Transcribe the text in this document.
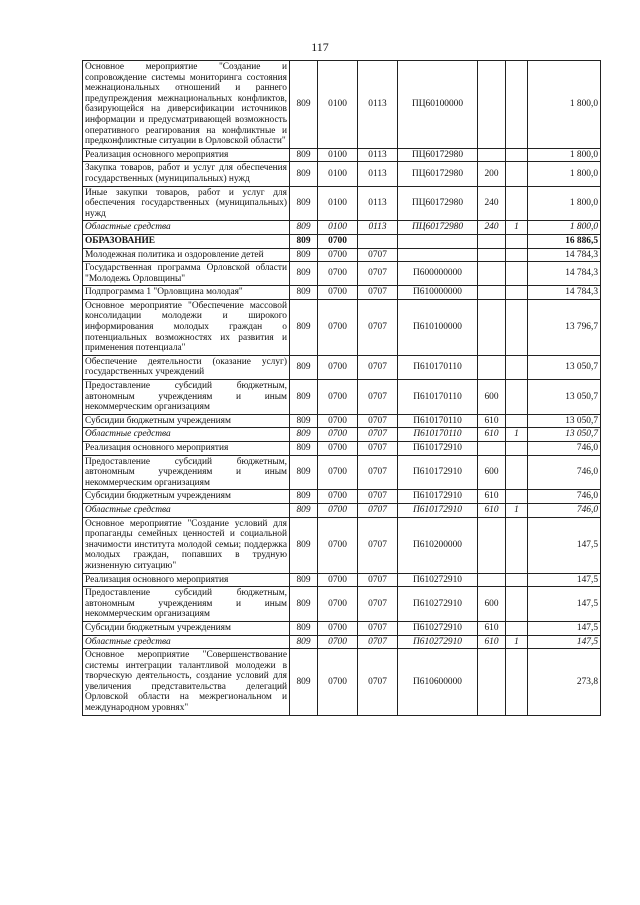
117
Основное мероприятие "Создание и сопровождение системы мониторинга состояния межнациональных отношений и раннего предупреждения межнациональных конфликтов, базирующейся на диверсификации источников информации и предусматривающей возможность оперативного реагирования на конфликтные и предконфликтные ситуации в Орловской области"	809	0100	0113	ПЦ60100000			1 800,0
Реализация основного мероприятия	809	0100	0113	ПЦ60172980			1 800,0
Закупка товаров, работ и услуг для обеспечения государственных (муниципальных) нужд	809	0100	0113	ПЦ60172980	200		1 800,0
Иные закупки товаров, работ и услуг для обеспечения государственных (муниципальных) нужд	809	0100	0113	ПЦ60172980	240		1 800,0
Областные средства	809	0100	0113	ПЦ60172980	240	1	1 800,0
ОБРАЗОВАНИЕ	809	0700					16 886,5
Молодежная политика и оздоровление детей	809	0700	0707				14 784,3
Государственная программа Орловской области "Молодежь Орловщины"	809	0700	0707	П600000000			14 784,3
Подпрограмма 1 "Орловщина молодая"	809	0700	0707	П610000000			14 784,3
Основное мероприятие "Обеспечение массовой консолидации молодежи и широкого информирования молодых граждан о потенциальных возможностях их развития и применения потенциала"	809	0700	0707	П610100000			13 796,7
Обеспечение деятельности (оказание услуг) государственных учреждений	809	0700	0707	П610170110			13 050,7
Предоставление субсидий бюджетным, автономным учреждениям и иным некоммерческим организациям	809	0700	0707	П610170110	600		13 050,7
Субсидии бюджетным учреждениям	809	0700	0707	П610170110	610		13 050,7
Областные средства	809	0700	0707	П610170110	610	1	13 050,7
Реализация основного мероприятия	809	0700	0707	П610172910			746,0
Предоставление субсидий бюджетным, автономным учреждениям и иным некоммерческим организациям	809	0700	0707	П610172910	600		746,0
Субсидии бюджетным учреждениям	809	0700	0707	П610172910	610		746,0
Областные средства	809	0700	0707	П610172910	610	1	746,0
Основное мероприятие "Создание условий для пропаганды семейных ценностей и социальной значимости института молодой семьи; поддержка молодых граждан, попавших в трудную жизненную ситуацию"	809	0700	0707	П610200000			147,5
Реализация основного мероприятия	809	0700	0707	П610272910			147,5
Предоставление субсидий бюджетным, автономным учреждениям и иным некоммерческим организациям	809	0700	0707	П610272910	600		147,5
Субсидии бюджетным учреждениям	809	0700	0707	П610272910	610		147,5
Областные средства	809	0700	0707	П610272910	610	1	147,5
Основное мероприятие "Совершенствование системы интеграции талантливой молодежи в творческую деятельность, создание условий для увеличения представительства делегаций Орловской области на межрегиональном и международном уровнях"	809	0700	0707	П610600000			273,8
